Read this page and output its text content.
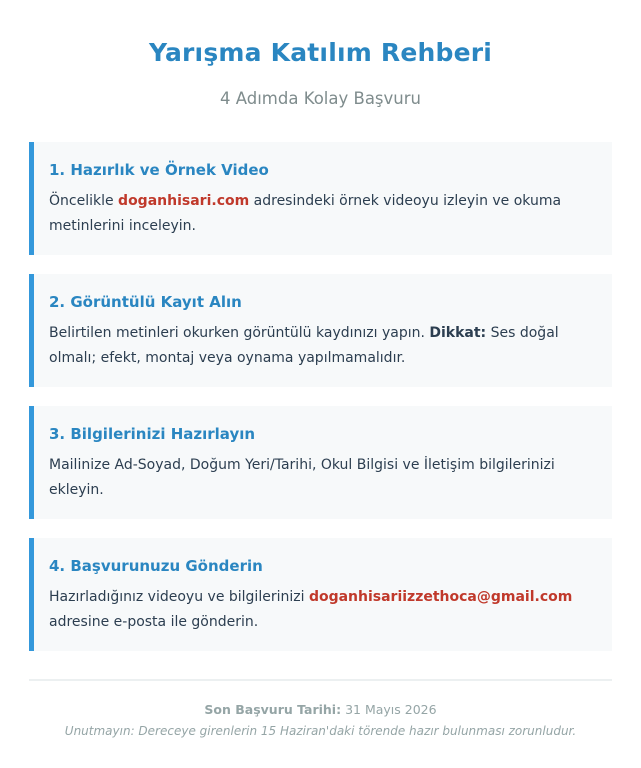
Yarışma Katılım Rehberi
4 Adımda Kolay Başvuru
1. Hazırlık ve Örnek Video

Öncelikle doganhisari.com adresindeki örnek videoyu izleyin ve okuma metinlerini inceleyin.

2. Görüntülü Kayıt Alın

Belirtilen metinleri okurken görüntülü kaydınızı yapın. Dikkat: Ses doğal olmalı; efekt, montaj veya oynama yapılmamalıdır.

3. Bilgilerinizi Hazırlayın

Mailinize Ad-Soyad, Doğum Yeri/Tarihi, Okul Bilgisi ve İletişim bilgilerinizi ekleyin.

4. Başvurunuzu Gönderin

Hazırladığınız videoyu ve bilgilerinizi doganhisariizzethoca@gmail.com adresine e-posta ile gönderin.

Son Başvuru Tarihi: 31 Mayıs 2026
Unutmayın: Dereceye girenlerin 15 Haziran'daki törende hazır bulunması zorunludur.
